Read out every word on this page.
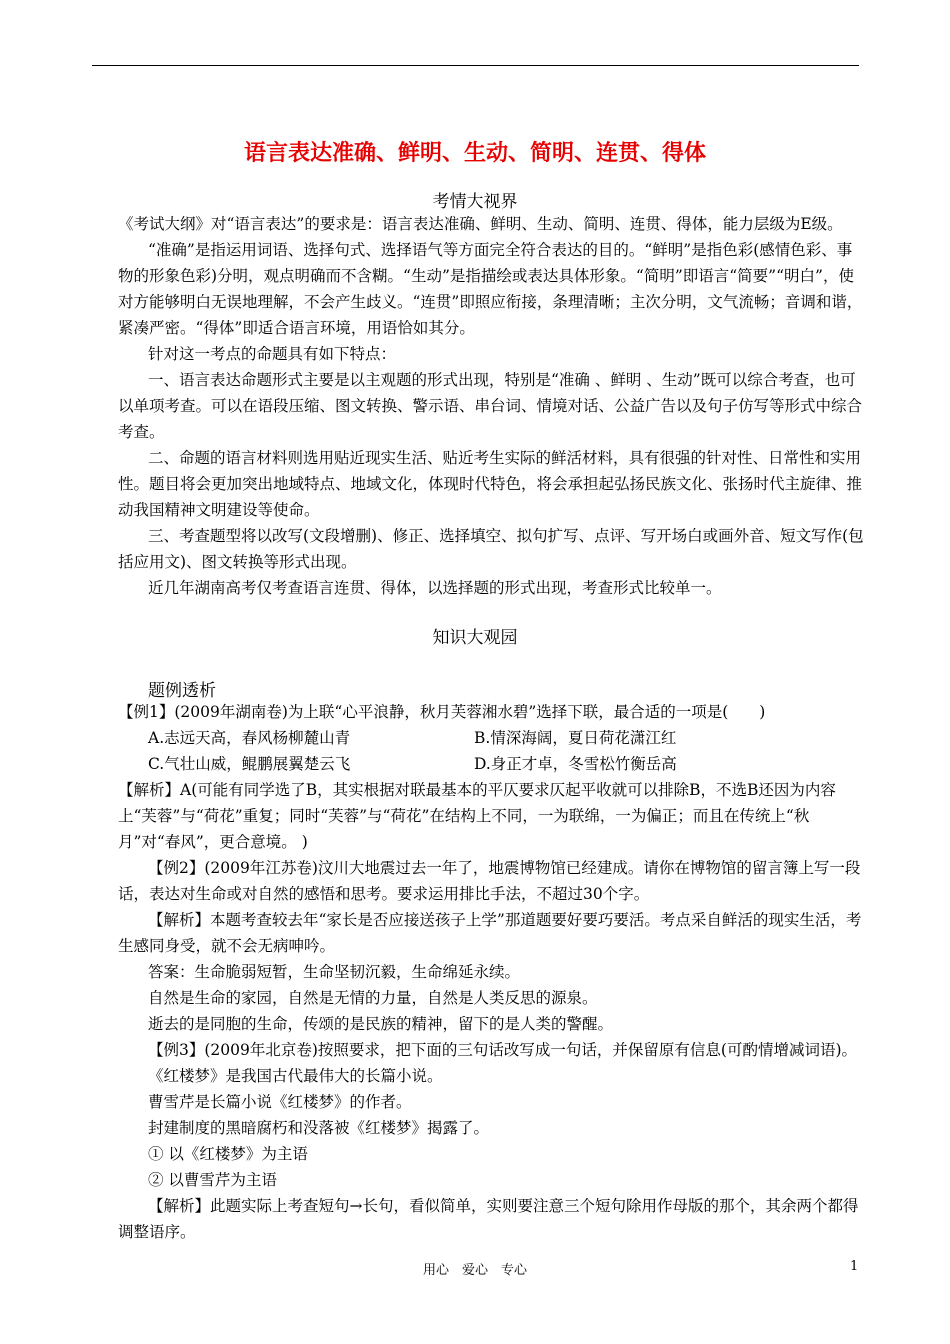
语言表达准确、鲜明、生动、简明、连贯、得体
考情大视界

《考试大纲》对“语言表达”的要求是：语言表达准确、鲜明、生动、简明、连贯、得体，能力层级为E级。

“准确”是指运用词语、选择句式、选择语气等方面完全符合表达的目的。“鲜明”是指色彩(感情色彩、事物的形象色彩)分明，观点明确而不含糊。“生动”是指描绘或表达具体形象。“简明”即语言“简要”“明白”，使对方能够明白无误地理解，不会产生歧义。“连贯”即照应衔接，条理清晰；主次分明，文气流畅；音调和谐，紧凑严密。“得体”即适合语言环境，用语恰如其分。

针对这一考点的命题具有如下特点：

一、语言表达命题形式主要是以主观题的形式出现，特别是“准确 、鲜明 、生动”既可以综合考查，也可以单项考查。可以在语段压缩、图文转换、警示语、串台词、情境对话、公益广告以及句子仿写等形式中综合考查。

二、命题的语言材料则选用贴近现实生活、贴近考生实际的鲜活材料，具有很强的针对性、日常性和实用性。题目将会更加突出地域特点、地域文化，体现时代特色，将会承担起弘扬民族文化、张扬时代主旋律、推动我国精神文明建设等使命。

三、考查题型将以改写(文段增删)、修正、选择填空、拟句扩写、点评、写开场白或画外音、短文写作(包括应用文)、图文转换等形式出现。

近几年湖南高考仅考查语言连贯、得体，以选择题的形式出现，考查形式比较单一。

知识大观园
题例透析

【例1】(2009年湖南卷)为上联“心平浪静，秋月芙蓉湘水碧”选择下联，最合适的一项是(　　)

A.志远天高，春风杨柳麓山青	B.情深海阔，夏日荷花潇江红
C.气壮山威，鲲鹏展翼楚云飞	D.身正才卓，冬雪松竹衡岳高

【解析】A(可能有同学选了B，其实根据对联最基本的平仄要求仄起平收就可以排除B，不选B还因为内容上“芙蓉”与“荷花”重复；同时“芙蓉”与“荷花”在结构上不同，一为联绵，一为偏正；而且在传统上“秋月”对“春风”，更合意境。 )

【例2】(2009年江苏卷)汶川大地震过去一年了，地震博物馆已经建成。请你在博物馆的留言簿上写一段话，表达对生命或对自然的感悟和思考。要求运用排比手法，不超过30个字。

【解析】本题考查较去年“家长是否应接送孩子上学”那道题要好要巧要活。考点采自鲜活的现实生活，考生感同身受，就不会无病呻吟。

答案：生命脆弱短暂，生命坚韧沉毅，生命绵延永续。

自然是生命的家园，自然是无情的力量，自然是人类反思的源泉。

逝去的是同胞的生命，传颂的是民族的精神，留下的是人类的警醒。

【例3】(2009年北京卷)按照要求，把下面的三句话改写成一句话，并保留原有信息(可酌情增减词语)。

《红楼梦》是我国古代最伟大的长篇小说。

曹雪芹是长篇小说《红楼梦》的作者。

封建制度的黑暗腐朽和没落被《红楼梦》揭露了。

① 以《红楼梦》为主语

② 以曹雪芹为主语

【解析】此题实际上考查短句→长句，看似简单，实则要注意三个短句除用作母版的那个，其余两个都得调整语序。

用心　爱心　专心	1
